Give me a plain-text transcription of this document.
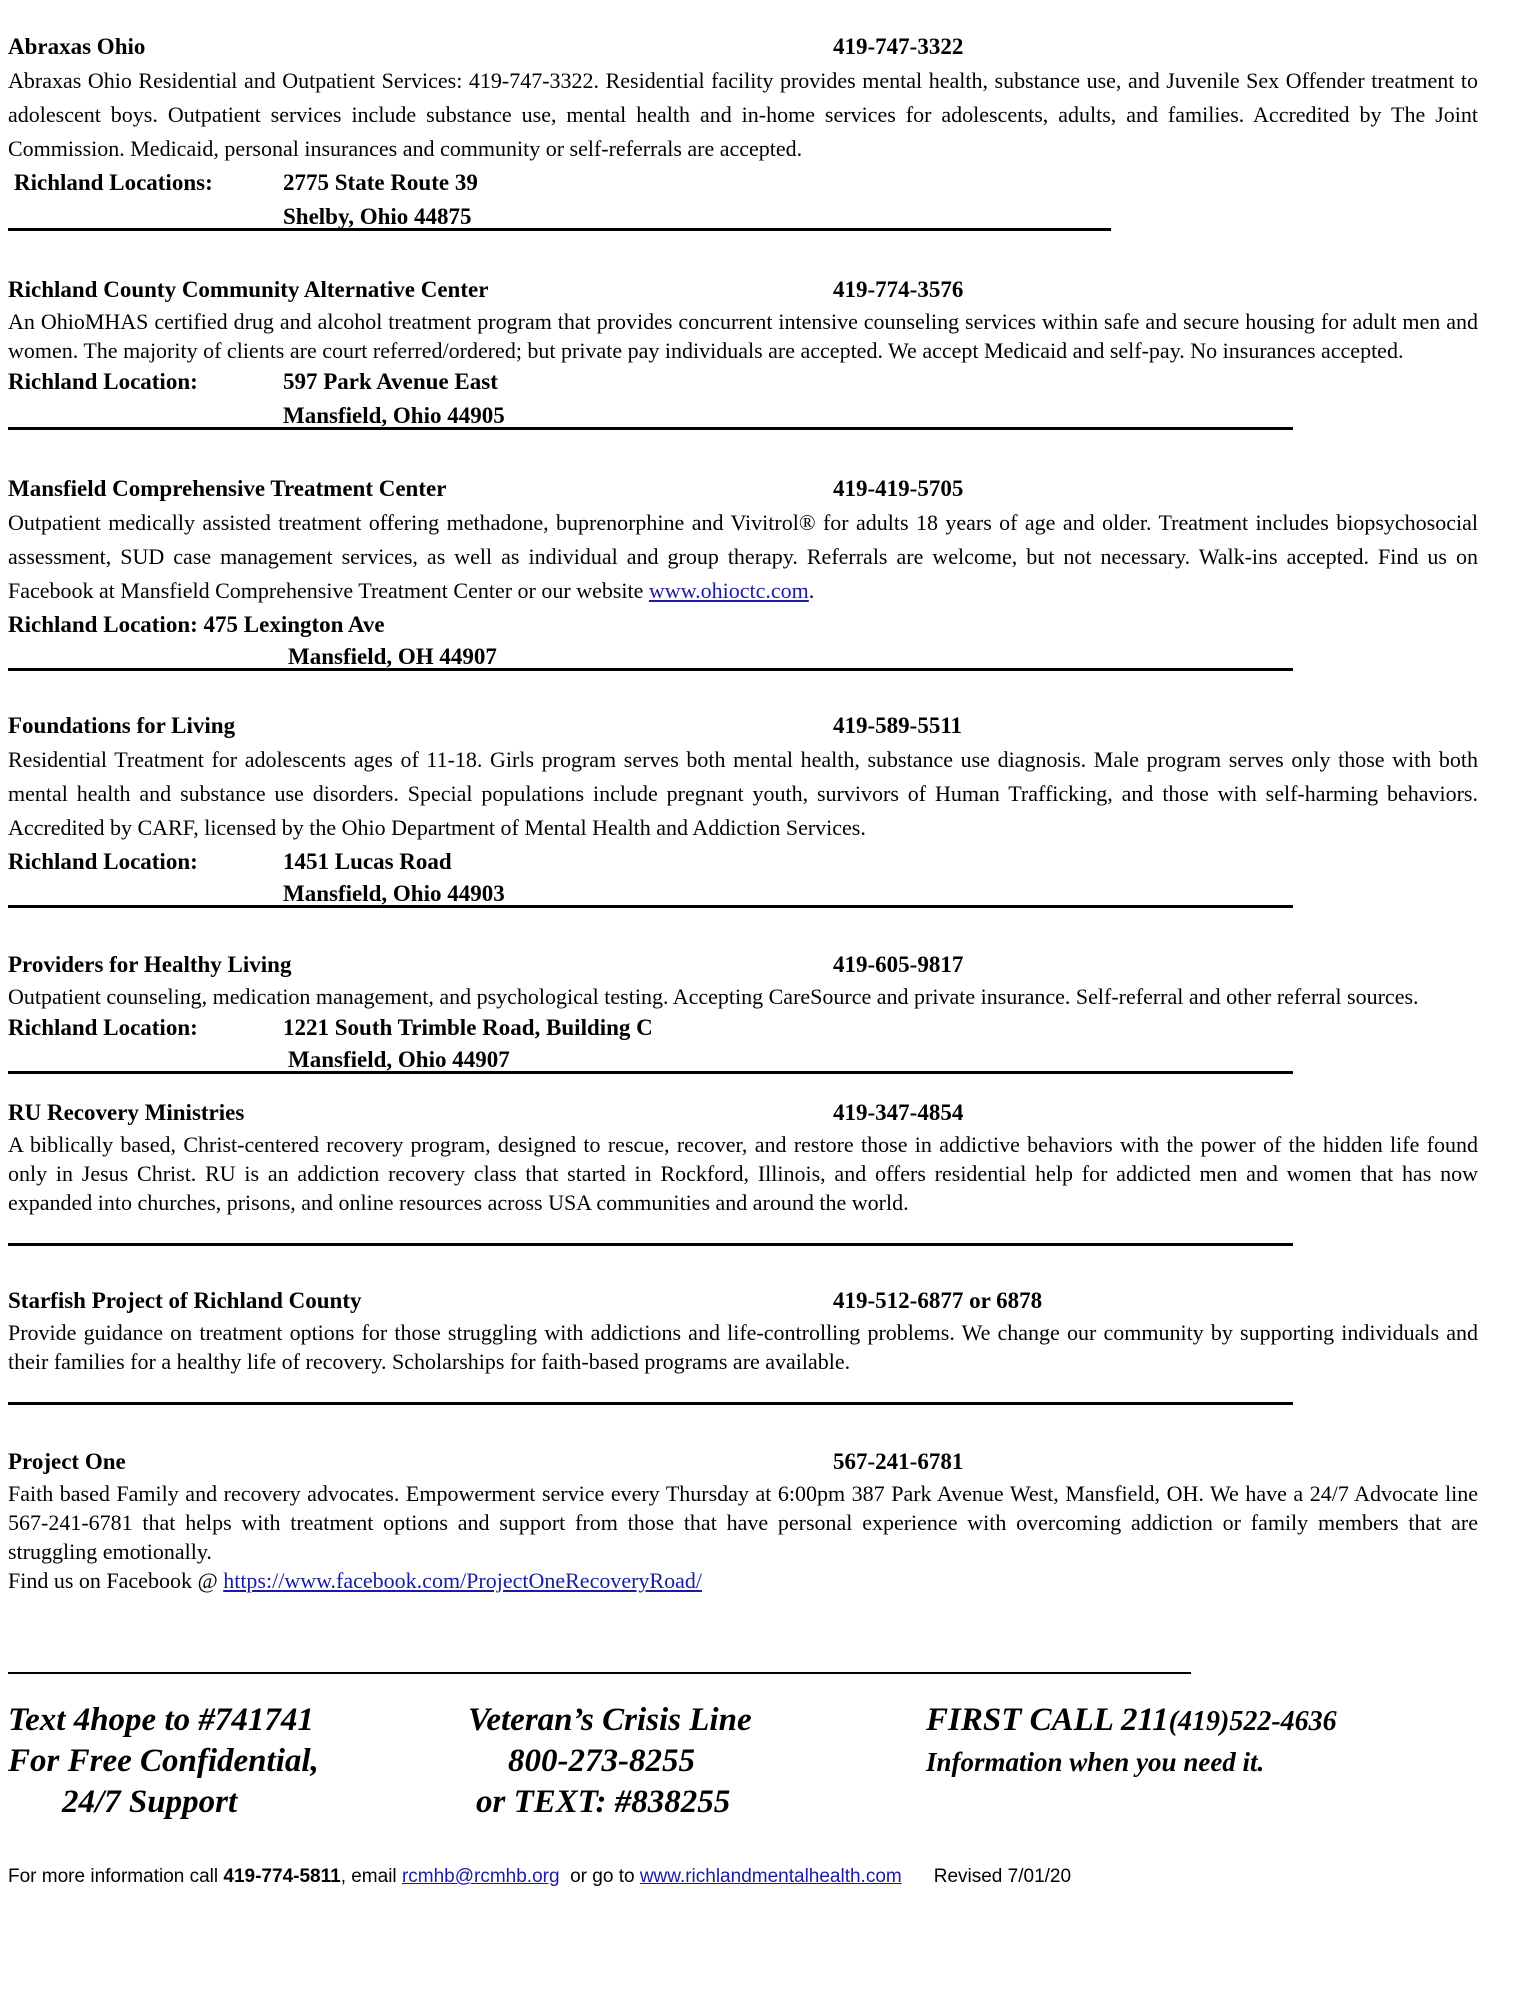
Abraxas Ohio	419-747-3322

Abraxas Ohio Residential and Outpatient Services: 419-747-3322. Residential facility provides mental health, substance use, and Juvenile Sex Offender treatment to adolescent boys. Outpatient services include substance use, mental health and in-home services for adolescents, adults, and families. Accredited by The Joint Commission. Medicaid, personal insurances and community or self-referrals are accepted.

Richland Locations:	2775 State Route 39
Shelby, Ohio 44875
Richland County Community Alternative Center	419-774-3576

An OhioMHAS certified drug and alcohol treatment program that provides concurrent intensive counseling services within safe and secure housing for adult men and women. The majority of clients are court referred/ordered; but private pay individuals are accepted. We accept Medicaid and self-pay. No insurances accepted.

Richland Location:	597 Park Avenue East
Mansfield, Ohio 44905
Mansfield Comprehensive Treatment Center	419-419-5705

Outpatient medically assisted treatment offering methadone, buprenorphine and Vivitrol® for adults 18 years of age and older. Treatment includes biopsychosocial assessment, SUD case management services, as well as individual and group therapy. Referrals are welcome, but not necessary. Walk-ins accepted. Find us on Facebook at Mansfield Comprehensive Treatment Center or our website www.ohioctc.com.

Richland Location: 475 Lexington Ave
Mansfield, OH 44907
Foundations for Living	419-589-5511

Residential Treatment for adolescents ages of 11-18. Girls program serves both mental health, substance use diagnosis. Male program serves only those with both mental health and substance use disorders. Special populations include pregnant youth, survivors of Human Trafficking, and those with self-harming behaviors. Accredited by CARF, licensed by the Ohio Department of Mental Health and Addiction Services.

Richland Location:	1451 Lucas Road
Mansfield, Ohio 44903
Providers for Healthy Living	419-605-9817

Outpatient counseling, medication management, and psychological testing. Accepting CareSource and private insurance. Self-referral and other referral sources.

Richland Location:	1221 South Trimble Road, Building C
Mansfield, Ohio 44907
RU Recovery Ministries	419-347-4854

A biblically based, Christ-centered recovery program, designed to rescue, recover, and restore those in addictive behaviors with the power of the hidden life found only in Jesus Christ. RU is an addiction recovery class that started in Rockford, Illinois, and offers residential help for addicted men and women that has now expanded into churches, prisons, and online resources across USA communities and around the world.

Starfish Project of Richland County	419-512-6877 or 6878

Provide guidance on treatment options for those struggling with addictions and life-controlling problems. We change our community by supporting individuals and their families for a healthy life of recovery. Scholarships for faith-based programs are available.

Project One	567-241-6781

Faith based Family and recovery advocates. Empowerment service every Thursday at 6:00pm 387 Park Avenue West, Mansfield, OH. We have a 24/7 Advocate line 567-241-6781 that helps with treatment options and support from those that have personal experience with overcoming addiction or family members that are struggling emotionally.

Find us on Facebook @ https://www.facebook.com/ProjectOneRecoveryRoad/

Text 4hope to #741741
For Free Confidential,
24/7 Support
Veteran’s Crisis Line
800-273-8255
or TEXT: #838255
FIRST CALL 211(419)522-4636
Information when you need it.
For more information call 419-774-5811, email rcmhb@rcmhb.org  or go to www.richlandmentalhealth.com Revised 7/01/20
